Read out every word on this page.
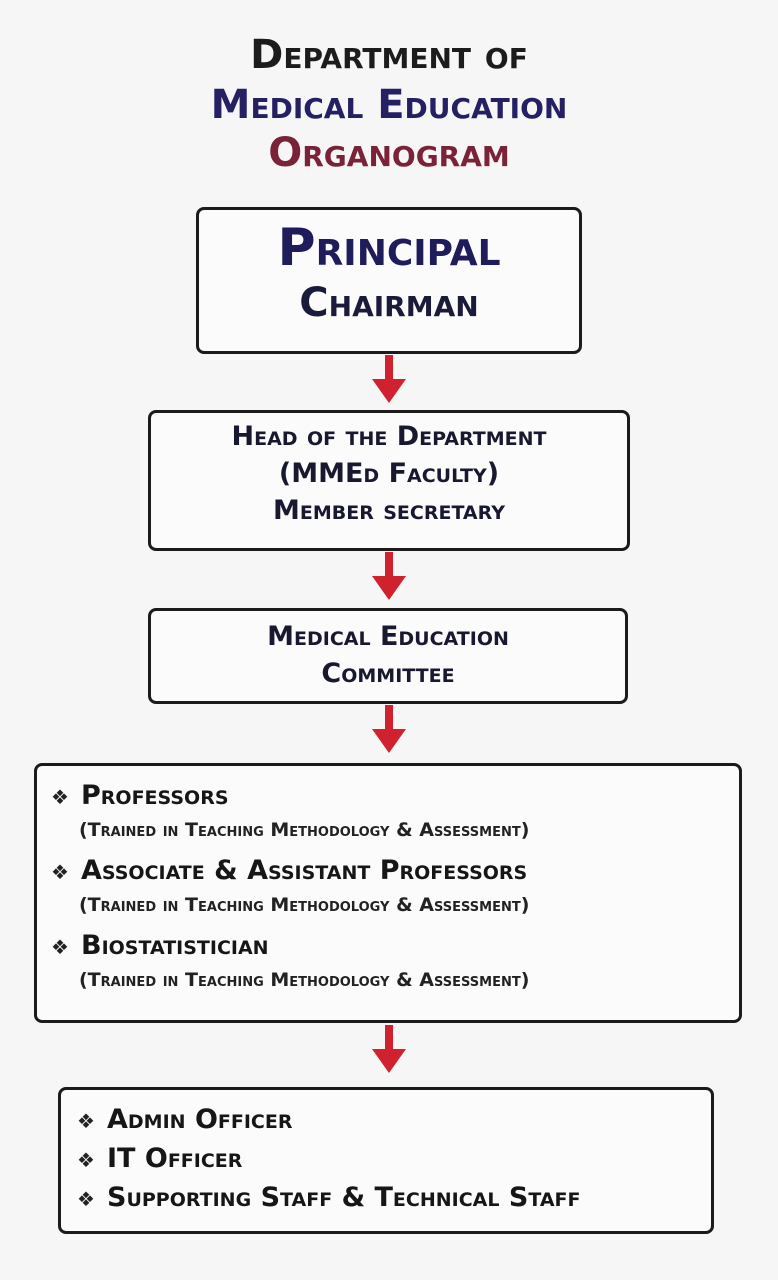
Department of
Medical Education
Organogram
Principal
Chairman
Head of the Department
(MMEd Faculty)
Member secretary
Medical Education
Committee
❖ Professors
(Trained in Teaching Methodology & Assessment)
❖ Associate & Assistant Professors
(Trained in Teaching Methodology & Assessment)
❖ Biostatistician
(Trained in Teaching Methodology & Assessment)
❖ Admin Officer
❖ IT Officer
❖ Supporting Staff & Technical Staff
